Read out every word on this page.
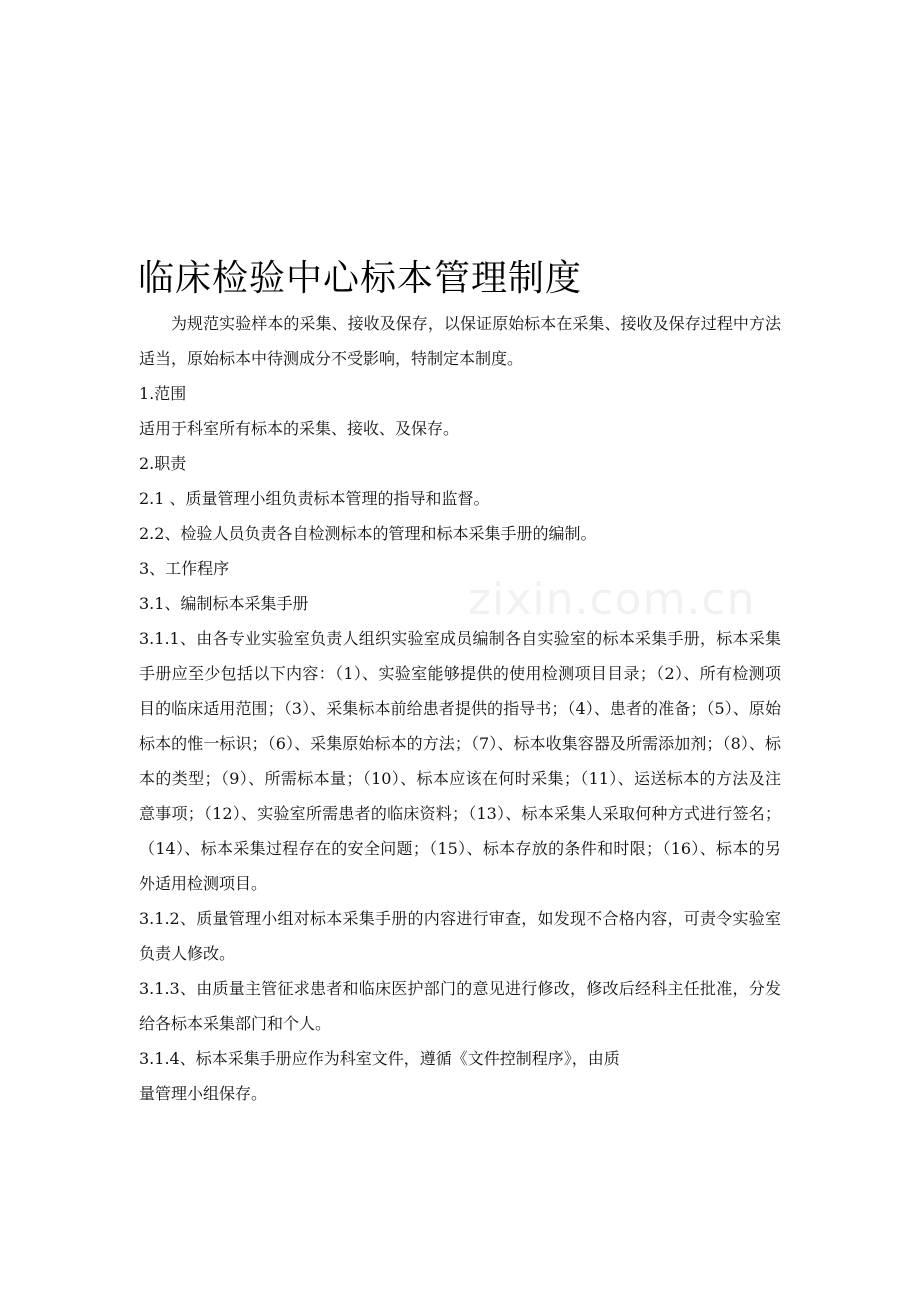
临床检验中心标本管理制度

为规范实验样本的采集、接收及保存，以保证原始标本在采集、接收及保存过程中方法适当，原始标本中待测成分不受影响，特制定本制度。

1.范围

适用于科室所有标本的采集、接收、及保存。

2.职责

2.1 、质量管理小组负责标本管理的指导和监督。

2.2、检验人员负责各自检测标本的管理和标本采集手册的编制。

3、工作程序

3.1、编制标本采集手册

3.1.1、由各专业实验室负责人组织实验室成员编制各自实验室的标本采集手册，标本采集手册应至少包括以下内容：（1）、实验室能够提供的使用检测项目目录；（2）、所有检测项目的临床适用范围；（3）、采集标本前给患者提供的指导书；（4）、患者的准备；（5）、原始标本的惟一标识；（6）、采集原始标本的方法；（7）、标本收集容器及所需添加剂；（8）、标本的类型；（9）、所需标本量；（10）、标本应该在何时采集；（11）、运送标本的方法及注意事项；（12）、实验室所需患者的临床资料；（13）、标本采集人采取何种方式进行签名；（14）、标本采集过程存在的安全问题；（15）、标本存放的条件和时限；（16）、标本的另外适用检测项目。

3.1.2、质量管理小组对标本采集手册的内容进行审查，如发现不合格内容，可责令实验室负责人修改。

3.1.3、由质量主管征求患者和临床医护部门的意见进行修改，修改后经科主任批准，分发给各标本采集部门和个人。

3.1.4、标本采集手册应作为科室文件，遵循《文件控制程序》，由质

量管理小组保存。

zixin.com.cn
